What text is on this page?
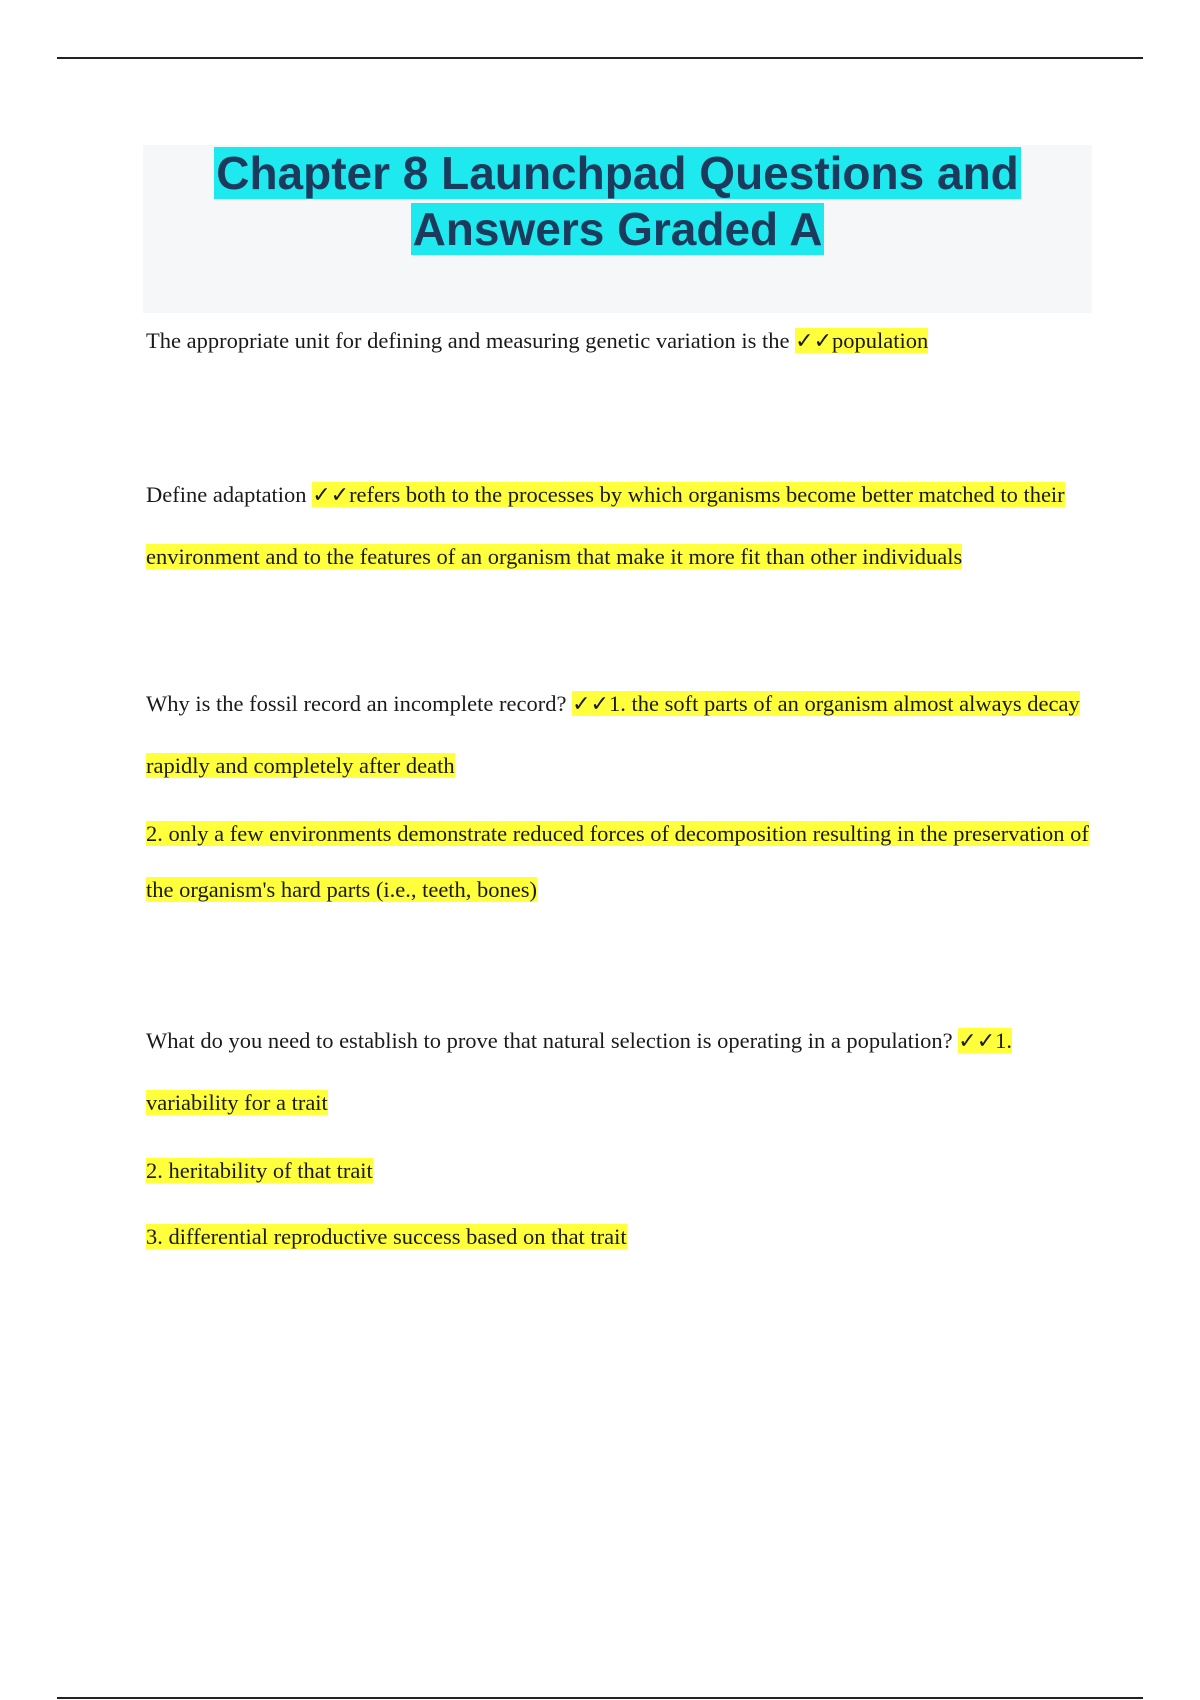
Chapter 8 Launchpad Questions and
Answers Graded A

The appropriate unit for defining and measuring genetic variation is the ✓✓population

Define adaptation ✓✓refers both to the processes by which organisms become better matched to their environment and to the features of an organism that make it more fit than other individuals

Why is the fossil record an incomplete record? ✓✓1. the soft parts of an organism almost always decay rapidly and completely after death

2. only a few environments demonstrate reduced forces of decomposition resulting in the preservation of the organism's hard parts (i.e., teeth, bones)

What do you need to establish to prove that natural selection is operating in a population? ✓✓1. variability for a trait

2. heritability of that trait

3. differential reproductive success based on that trait
